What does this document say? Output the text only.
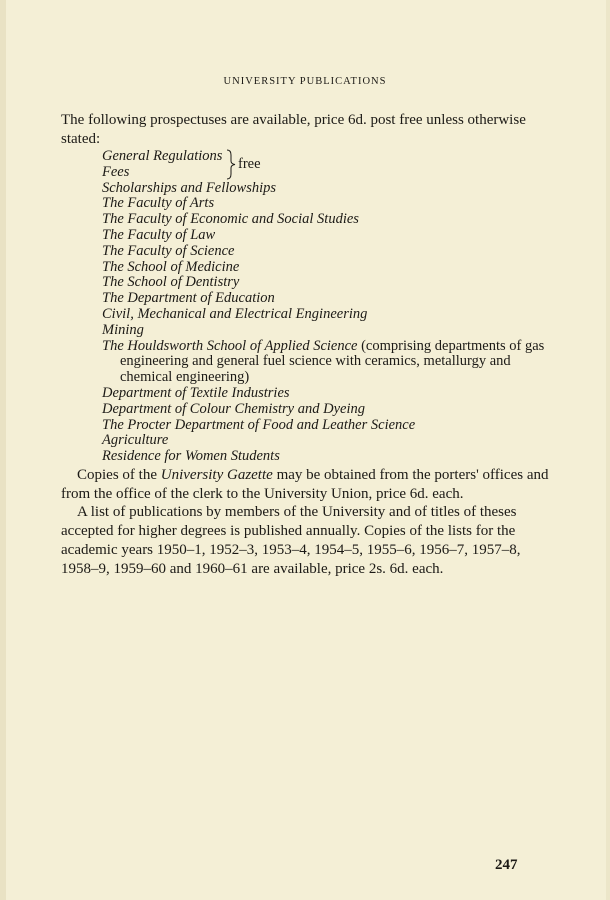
UNIVERSITY PUBLICATIONS

The following prospectuses are available, price 6d. post free unless otherwise stated:

General Regulations
Fees	free
Scholarships and Fellowships
The Faculty of Arts
The Faculty of Economic and Social Studies
The Faculty of Law
The Faculty of Science
The School of Medicine
The School of Dentistry
The Department of Education
Civil, Mechanical and Electrical Engineering
Mining
The Houldsworth School of Applied Science (comprising departments of gas engineering and general fuel science with ceramics, metallurgy and chemical engineering)
Department of Textile Industries
Department of Colour Chemistry and Dyeing
The Procter Department of Food and Leather Science
Agriculture
Residence for Women Students

Copies of the University Gazette may be obtained from the porters' offices and from the office of the clerk to the University Union, price 6d. each.

A list of publications by members of the University and of titles of theses accepted for higher degrees is published annually. Copies of the lists for the academic years 1950–1, 1952–3, 1953–4, 1954–5, 1955–6, 1956–7, 1957–8, 1958–9, 1959–60 and 1960–61 are available, price 2s. 6d. each.

247
